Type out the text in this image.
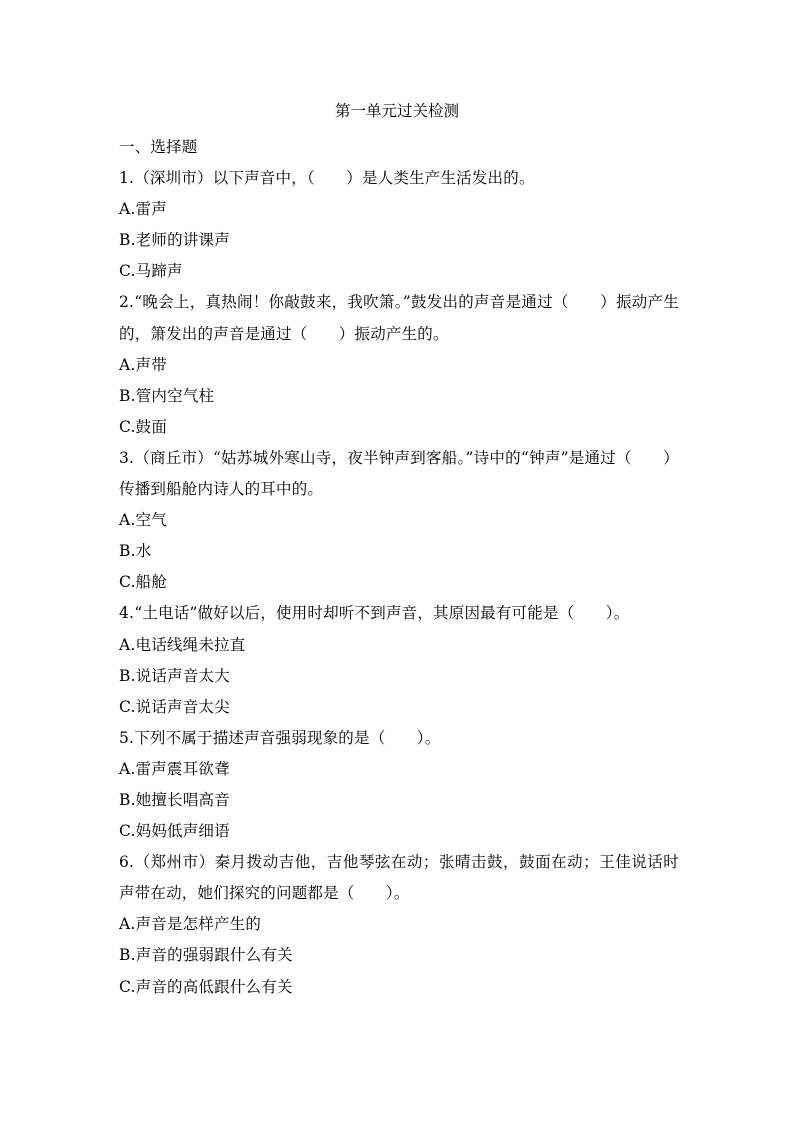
第一单元过关检测
一、选择题
1.（深圳市）以下声音中，（　　）是人类生产生活发出的。
A.雷声
B.老师的讲课声
C.马蹄声
2.“晚会上，真热闹！你敲鼓来，我吹箫。”鼓发出的声音是通过（　　）振动产生的，箫发出的声音是通过（　　）振动产生的。
A.声带
B.管内空气柱
C.鼓面
3.（商丘市）“姑苏城外寒山寺，夜半钟声到客船。”诗中的“钟声”是通过（　　）传播到船舱内诗人的耳中的。
A.空气
B.水
C.船舱
4.“土电话”做好以后，使用时却听不到声音，其原因最有可能是（　　）。
A.电话线绳未拉直
B.说话声音太大
C.说话声音太尖
5.下列不属于描述声音强弱现象的是（　　）。
A.雷声震耳欲聋
B.她擅长唱高音
C.妈妈低声细语
6.（郑州市）秦月拨动吉他，吉他琴弦在动；张晴击鼓，鼓面在动；王佳说话时声带在动，她们探究的问题都是（　　）。
A.声音是怎样产生的
B.声音的强弱跟什么有关
C.声音的高低跟什么有关
